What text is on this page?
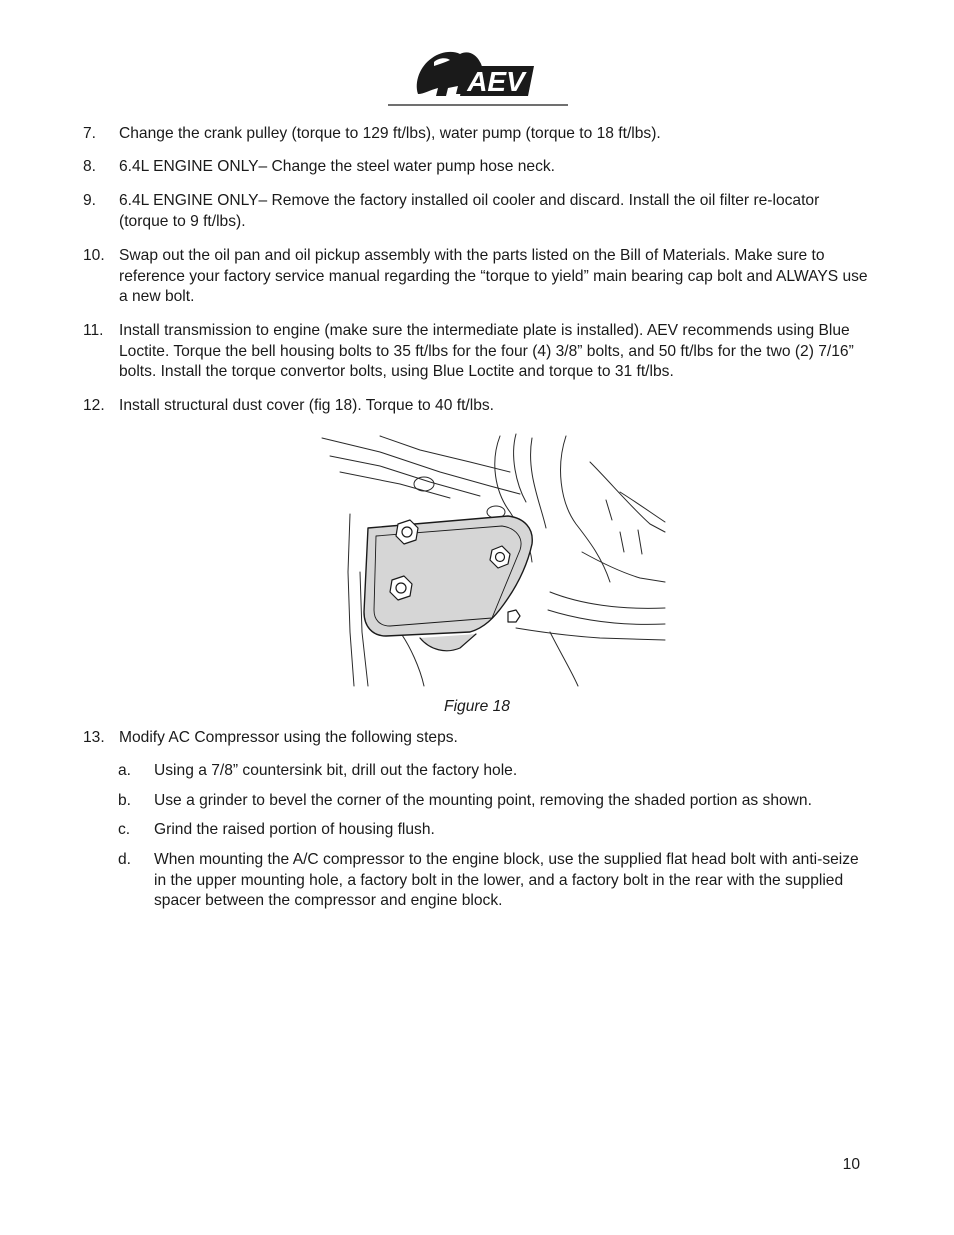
AEV
7. Change the crank pulley (torque to 129 ft/lbs), water pump (torque to 18 ft/lbs).
8. 6.4L ENGINE ONLY– Change the steel water pump hose neck.
9. 6.4L ENGINE ONLY– Remove the factory installed oil cooler and discard. Install the oil filter re-locator (torque to 9 ft/lbs).
10. Swap out the oil pan and oil pickup assembly with the parts listed on the Bill of Materials. Make sure to reference your factory service manual regarding the “torque to yield” main bearing cap bolt and ALWAYS use a new bolt.
11. Install transmission to engine (make sure the intermediate plate is installed). AEV recommends using Blue Loctite. Torque the bell housing bolts to 35 ft/lbs for the four (4) 3/8” bolts, and 50 ft/lbs for the two (2) 7/16” bolts. Install the torque convertor bolts, using Blue Loctite and torque to 31 ft/lbs.
12. Install structural dust cover (fig 18). Torque to 40 ft/lbs.
Figure 18
13. Modify AC Compressor using the following steps.
a. Using a 7/8” countersink bit, drill out the factory hole.
b. Use a grinder to bevel the corner of the mounting point, removing the shaded portion as shown.
c. Grind the raised portion of housing flush.
d. When mounting the A/C compressor to the engine block, use the supplied flat head bolt with anti-seize in the upper mounting hole, a factory bolt in the lower, and a factory bolt in the rear with the supplied spacer between the compressor and engine block.
10
